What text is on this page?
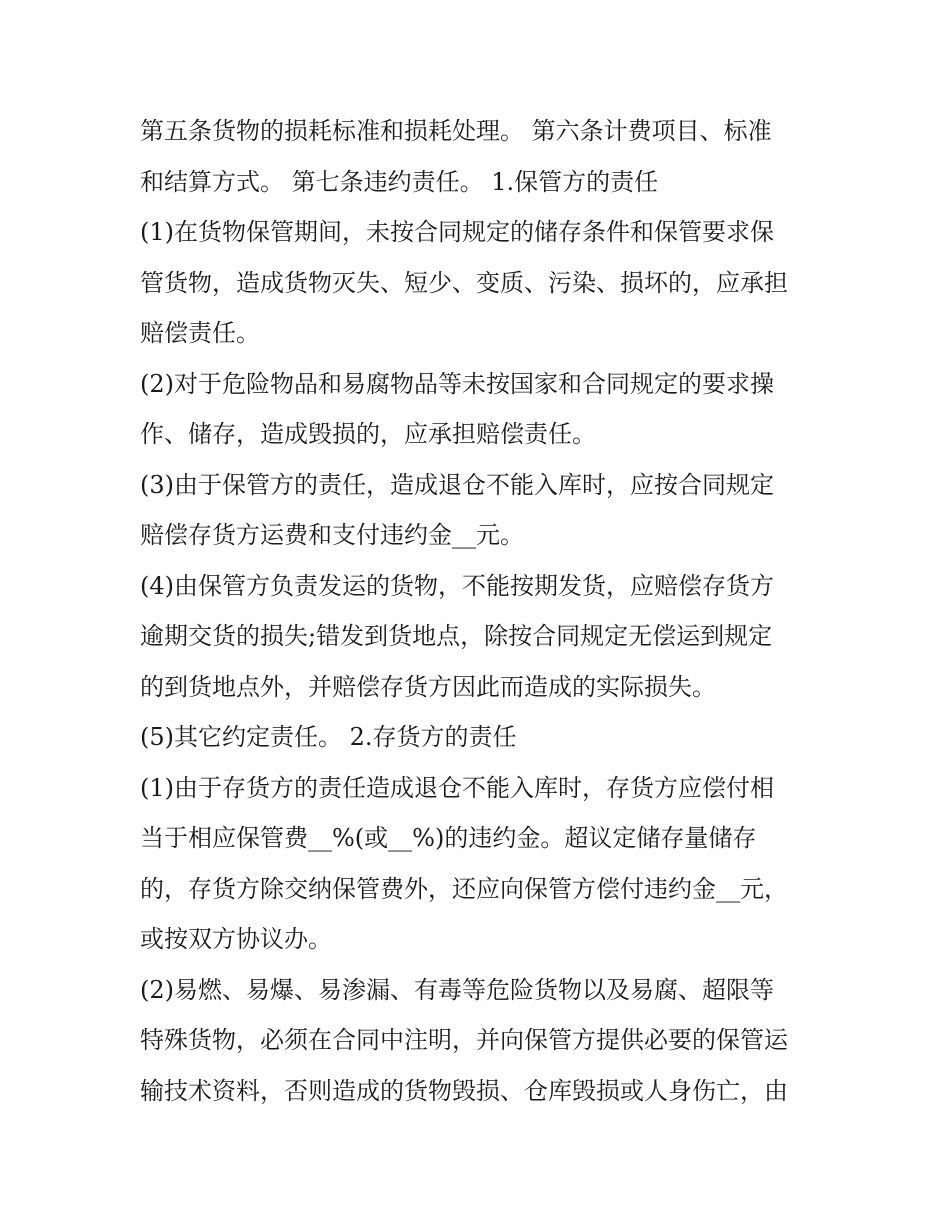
第五条货物的损耗标准和损耗处理。 第六条计费项目、标准

和结算方式。 第七条违约责任。 1.保管方的责任

(1)在货物保管期间，未按合同规定的储存条件和保管要求保

管货物，造成货物灭失、短少、变质、污染、损坏的，应承担

赔偿责任。

(2)对于危险物品和易腐物品等未按国家和合同规定的要求操

作、储存，造成毁损的，应承担赔偿责任。

(3)由于保管方的责任，造成退仓不能入库时，应按合同规定

赔偿存货方运费和支付违约金__元。

(4)由保管方负责发运的货物，不能按期发货，应赔偿存货方

逾期交货的损失;错发到货地点，除按合同规定无偿运到规定

的到货地点外，并赔偿存货方因此而造成的实际损失。

(5)其它约定责任。 2.存货方的责任

(1)由于存货方的责任造成退仓不能入库时，存货方应偿付相

当于相应保管费__%(或__%)的违约金。超议定储存量储存

的，存货方除交纳保管费外，还应向保管方偿付违约金__元，

或按双方协议办。

(2)易燃、易爆、易渗漏、有毒等危险货物以及易腐、超限等

特殊货物，必须在合同中注明，并向保管方提供必要的保管运

输技术资料，否则造成的货物毁损、仓库毁损或人身伤亡，由
